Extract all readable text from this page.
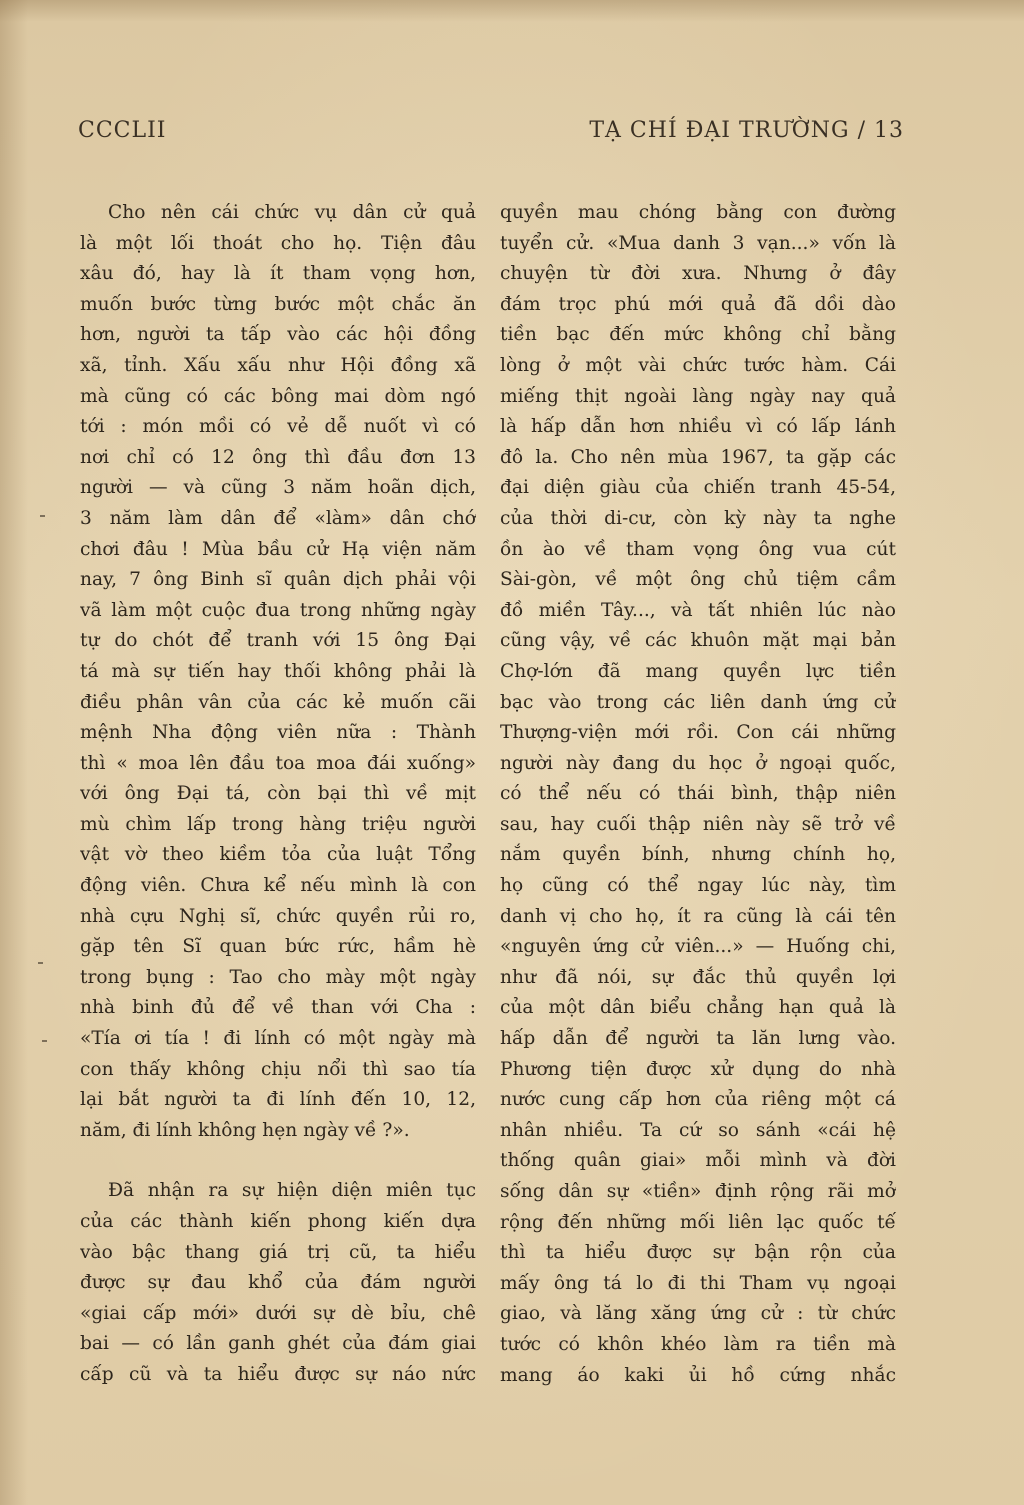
CCCLII	TẠ CHÍ ĐẠI TRƯỜNG / 13
Cho nên cái chức vụ dân cử quả
là một lối thoát cho họ. Tiện đâu
xâu đó, hay là ít tham vọng hơn,
muốn bước từng bước một chắc ăn
hơn, người ta tấp vào các hội đồng
xã, tỉnh. Xấu xấu như Hội đồng xã
mà cũng có các bông mai dòm ngó
tới : món mồi có vẻ dễ nuốt vì có
nơi chỉ có 12 ông thì đầu đơn 13
người — và cũng 3 năm hoãn dịch,
3 năm làm dân để «làm» dân chớ
chơi đâu ! Mùa bầu cử Hạ viện năm
nay, 7 ông Binh sĩ quân dịch phải vội
vã làm một cuộc đua trong những ngày
tự do chót để tranh với 15 ông Đại
tá mà sự tiến hay thối không phải là
điều phân vân của các kẻ muốn cãi
mệnh Nha động viên nữa : Thành
thì « moa lên đầu toa moa đái xuống»
với ông Đại tá, còn bại thì về mịt
mù chìm lấp trong hàng triệu người
vật vờ theo kiềm tỏa của luật Tổng
động viên. Chưa kể nếu mình là con
nhà cựu Nghị sĩ, chức quyền rủi ro,
gặp tên Sĩ quan bức rức, hầm hè
trong bụng : Tao cho mày một ngày
nhà binh đủ để về than với Cha :
«Tía ơi tía ! đi lính có một ngày mà
con thấy không chịu nổi thì sao tía
lại bắt người ta đi lính đến 10, 12,
năm, đi lính không hẹn ngày về ?».
Đã nhận ra sự hiện diện miên tục
của các thành kiến phong kiến dựa
vào bậc thang giá trị cũ, ta hiểu
được sự đau khổ của đám người
«giai cấp mới» dưới sự dè bỉu, chê
bai — có lần ganh ghét của đám giai
cấp cũ và ta hiểu được sự náo nức
quyền mau chóng bằng con đường
tuyển cử. «Mua danh 3 vạn...» vốn là
chuyện từ đời xưa. Nhưng ở đây
đám trọc phú mới quả đã dồi dào
tiền bạc đến mức không chỉ bằng
lòng ở một vài chức tước hàm. Cái
miếng thịt ngoài làng ngày nay quả
là hấp dẫn hơn nhiều vì có lấp lánh
đô la. Cho nên mùa 1967, ta gặp các
đại diện giàu của chiến tranh 45-54,
của thời di-cư, còn kỳ này ta nghe
ồn ào về tham vọng ông vua cút
Sài-gòn, về một ông chủ tiệm cầm
đồ miền Tây..., và tất nhiên lúc nào
cũng vậy, về các khuôn mặt mại bản
Chợ-lớn đã mang quyền lực tiền
bạc vào trong các liên danh ứng cử
Thượng-viện mới rồi. Con cái những
người này đang du học ở ngoại quốc,
có thể nếu có thái bình, thập niên
sau, hay cuối thập niên này sẽ trở về
nắm quyền bính, nhưng chính họ,
họ cũng có thể ngay lúc này, tìm
danh vị cho họ, ít ra cũng là cái tên
«nguyên ứng cử viên...» — Huống chi,
như đã nói, sự đắc thủ quyền lợi
của một dân biểu chẳng hạn quả là
hấp dẫn để người ta lăn lưng vào.
Phương tiện được xử dụng do nhà
nước cung cấp hơn của riêng một cá
nhân nhiều. Ta cứ so sánh «cái hệ
thống quân giai» mỗi mình và đời
sống dân sự «tiền» định rộng rãi mở
rộng đến những mối liên lạc quốc tế
thì ta hiểu được sự bận rộn của
mấy ông tá lo đi thi Tham vụ ngoại
giao, và lăng xăng ứng cử : từ chức
tước có khôn khéo làm ra tiền mà
mang áo kaki ủi hồ cứng nhắc
